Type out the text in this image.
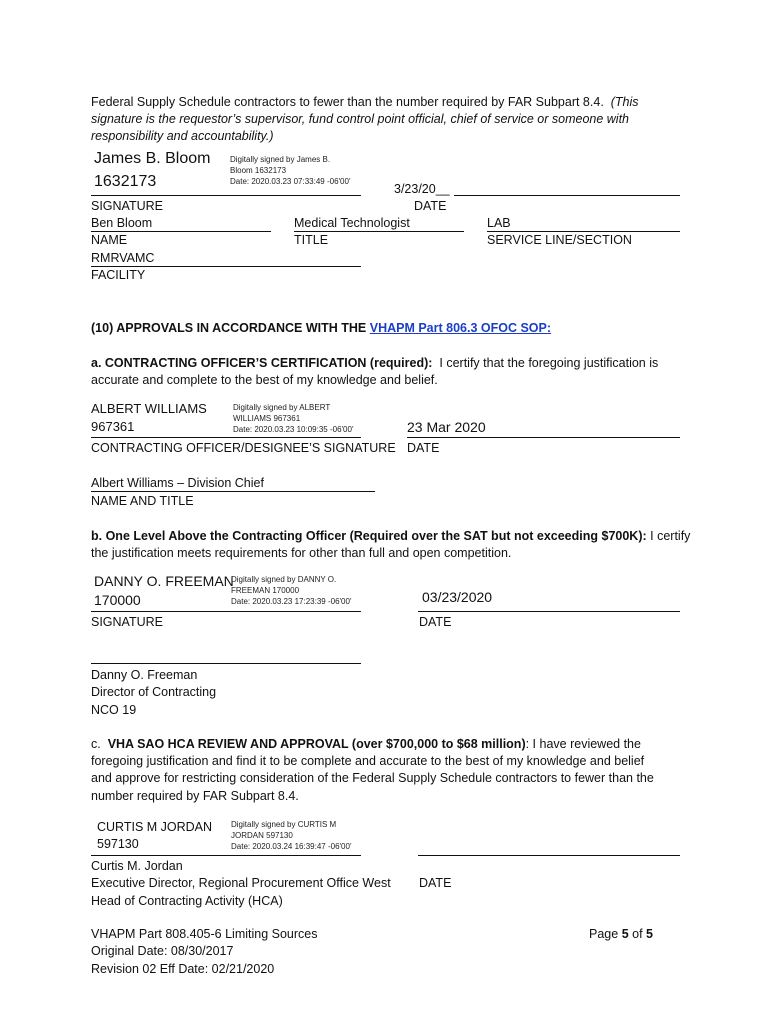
Federal Supply Schedule contractors to fewer than the number required by FAR Subpart 8.4. (This
signature is the requestor’s supervisor, fund control point official, chief of service or someone with
responsibility and accountability.)
James B. Bloom
1632173
Digitally signed by James B.
Bloom 1632173
Date: 2020.03.23 07:33:49 -06'00'
3/23/20__
SIGNATURE	DATE
Ben Bloom	Medical Technologist	LAB
NAME	TITLE	SERVICE LINE/SECTION
RMRVAMC
FACILITY
(10) APPROVALS IN ACCORDANCE WITH THE VHAPM Part 806.3 OFOC SOP:
a. CONTRACTING OFFICER’S CERTIFICATION (required): I certify that the foregoing justification is
accurate and complete to the best of my knowledge and belief.
ALBERT WILLIAMS
967361
Digitally signed by ALBERT
WILLIAMS 967361
Date: 2020.03.23 10:09:35 -06'00'	23 Mar 2020
CONTRACTING OFFICER/DESIGNEE’S SIGNATURE DATE
Albert Williams – Division Chief
NAME AND TITLE
b. One Level Above the Contracting Officer (Required over the SAT but not exceeding $700K): I certify
the justification meets requirements for other than full and open competition.
DANNY O. FREEMAN
170000
Digitally signed by DANNY O.
FREEMAN 170000
Date: 2020.03.23 17:23:39 -06'00'	03/23/2020
SIGNATURE	DATE
Danny O. Freeman
Director of Contracting
NCO 19
c. VHA SAO HCA REVIEW AND APPROVAL (over $700,000 to $68 million): I have reviewed the
foregoing justification and find it to be complete and accurate to the best of my knowledge and belief
and approve for restricting consideration of the Federal Supply Schedule contractors to fewer than the
number required by FAR Subpart 8.4.
CURTIS M JORDAN
597130
Digitally signed by CURTIS M
JORDAN 597130
Date: 2020.03.24 16:39:47 -06'00'
Curtis M. Jordan
Executive Director, Regional Procurement Office West DATE
Head of Contracting Activity (HCA)
VHAPM Part 808.405-6 Limiting Sources
Original Date: 08/30/2017
Revision 02 Eff Date: 02/21/2020
Page 5 of 5
